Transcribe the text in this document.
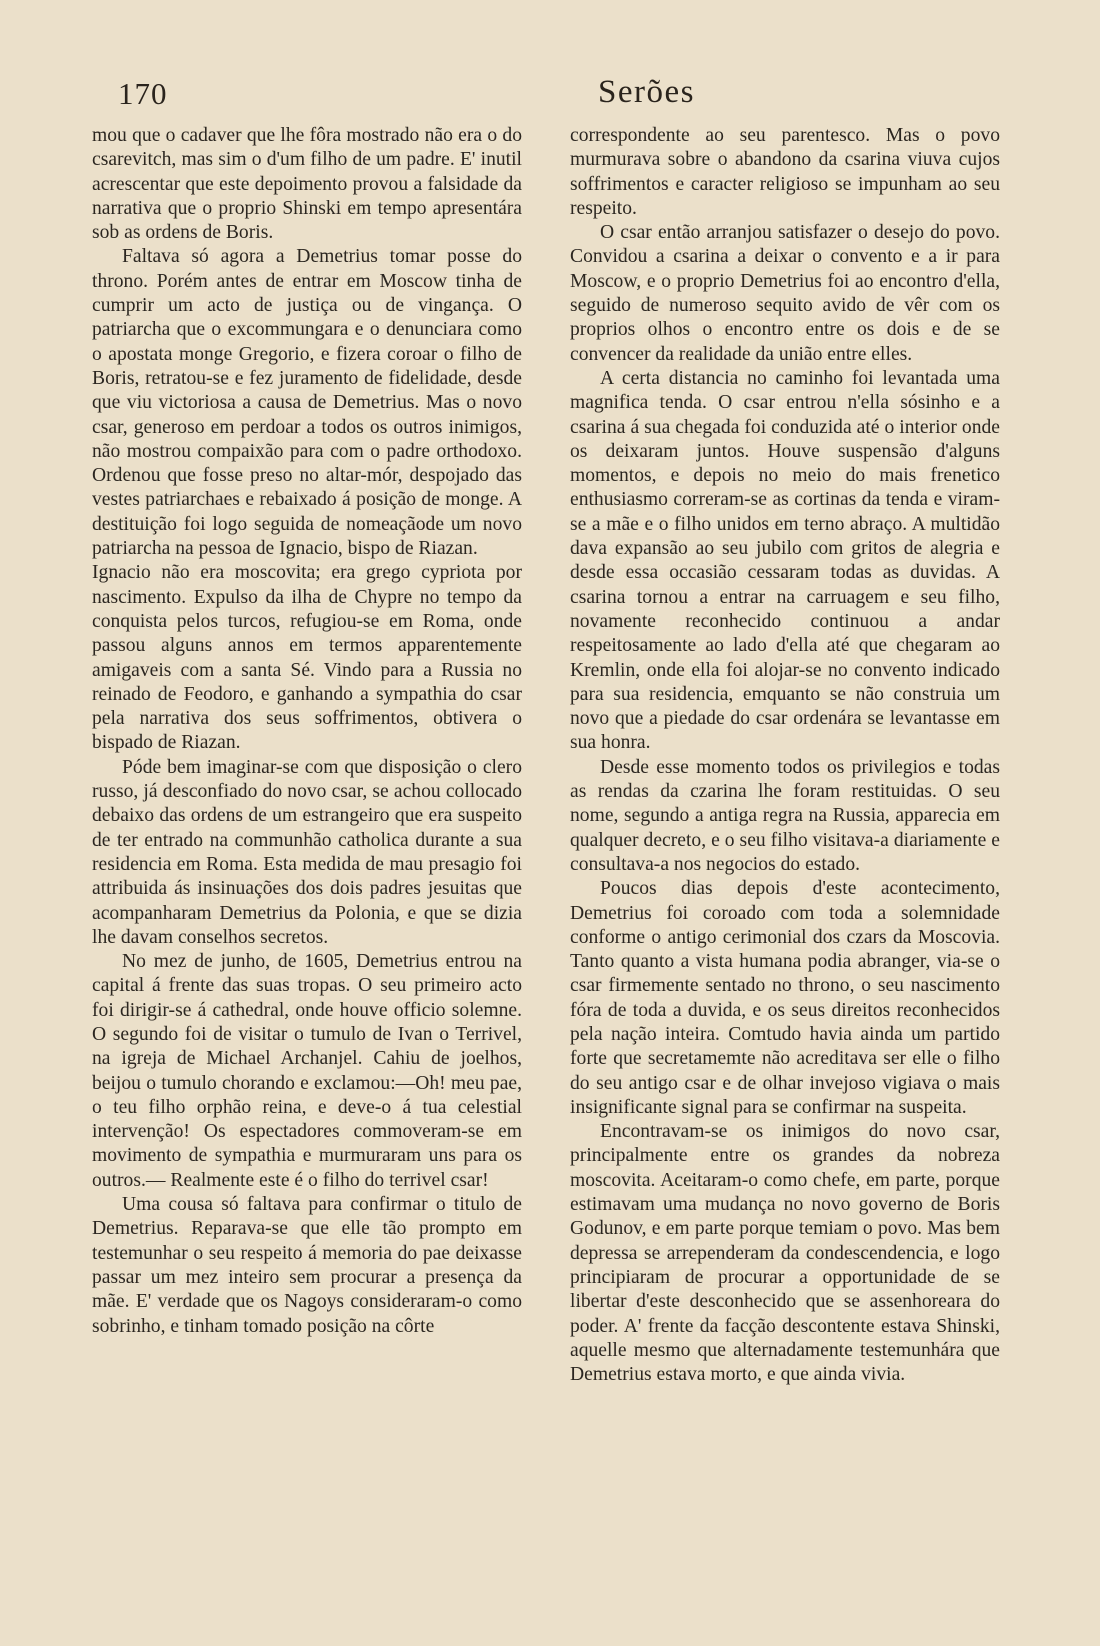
170	Serões

mou que o cadaver que lhe fôra mostrado não era o do csarevitch, mas sim o d'um filho de um padre. E' inutil acrescentar que este depoimento provou a falsidade da narrativa que o proprio Shinski em tempo apresentára sob as ordens de Boris.

Faltava só agora a Demetrius tomar posse do throno. Porém antes de entrar em Moscow tinha de cumprir um acto de justiça ou de vingança. O patriarcha que o excommungara e o denunciara como o apostata monge Gregorio, e fizera coroar o filho de Boris, retratou-se e fez juramento de fidelidade, desde que viu victoriosa a causa de Demetrius. Mas o novo csar, generoso em perdoar a todos os outros inimigos, não mostrou compaixão para com o padre orthodoxo. Ordenou que fosse preso no altar-mór, despojado das vestes patriarchaes e rebaixado á posição de monge. A destituição foi logo seguida de nomeaçãode um novo patriarcha na pessoa de Ignacio, bispo de Riazan.

Ignacio não era moscovita; era grego cypriota por nascimento. Expulso da ilha de Chypre no tempo da conquista pelos turcos, refugiou-se em Roma, onde passou alguns annos em termos apparentemente amigaveis com a santa Sé. Vindo para a Russia no reinado de Feodoro, e ganhando a sympathia do csar pela narrativa dos seus soffrimentos, obtivera o bispado de Riazan.

Póde bem imaginar-se com que disposição o clero russo, já desconfiado do novo csar, se achou collocado debaixo das ordens de um estrangeiro que era suspeito de ter entrado na communhão catholica durante a sua residencia em Roma. Esta medida de mau presagio foi attribuida ás insinuações dos dois padres jesuitas que acompanharam Demetrius da Polonia, e que se dizia lhe davam conselhos secretos.

No mez de junho, de 1605, Demetrius entrou na capital á frente das suas tropas. O seu primeiro acto foi dirigir-se á cathedral, onde houve officio solemne. O segundo foi de visitar o tumulo de Ivan o Terrivel, na igreja de Michael Archanjel. Cahiu de joelhos, beijou o tumulo chorando e exclamou:—Oh! meu pae, o teu filho orphão reina, e deve-o á tua celestial intervenção! Os espectadores commoveram-se em movimento de sympathia e murmuraram uns para os outros.— Realmente este é o filho do terrivel csar!

Uma cousa só faltava para confirmar o titulo de Demetrius. Reparava-se que elle tão prompto em testemunhar o seu respeito á memoria do pae deixasse passar um mez inteiro sem procurar a presença da mãe. E' verdade que os Nagoys consideraram-o como sobrinho, e tinham tomado posição na côrte

correspondente ao seu parentesco. Mas o povo murmurava sobre o abandono da csarina viuva cujos soffrimentos e caracter religioso se impunham ao seu respeito.

O csar então arranjou satisfazer o desejo do povo. Convidou a csarina a deixar o convento e a ir para Moscow, e o proprio Demetrius foi ao encontro d'ella, seguido de numeroso sequito avido de vêr com os proprios olhos o encontro entre os dois e de se convencer da realidade da união entre elles.

A certa distancia no caminho foi levantada uma magnifica tenda. O csar entrou n'ella sósinho e a csarina á sua chegada foi conduzida até o interior onde os deixaram juntos. Houve suspensão d'alguns momentos, e depois no meio do mais frenetico enthusiasmo correram-se as cortinas da tenda e viram-se a mãe e o filho unidos em terno abraço. A multidão dava expansão ao seu jubilo com gritos de alegria e desde essa occasião cessaram todas as duvidas. A csarina tornou a entrar na carruagem e seu filho, novamente reconhecido continuou a andar respeitosamente ao lado d'ella até que chegaram ao Kremlin, onde ella foi alojar-se no convento indicado para sua residencia, emquanto se não construia um novo que a piedade do csar ordenára se levantasse em sua honra.

Desde esse momento todos os privilegios e todas as rendas da czarina lhe foram restituidas. O seu nome, segundo a antiga regra na Russia, apparecia em qualquer decreto, e o seu filho visitava-a diariamente e consultava-a nos negocios do estado.

Poucos dias depois d'este acontecimento, Demetrius foi coroado com toda a solemnidade conforme o antigo cerimonial dos czars da Moscovia. Tanto quanto a vista humana podia abranger, via-se o csar firmemente sentado no throno, o seu nascimento fóra de toda a duvida, e os seus direitos reconhecidos pela nação inteira. Comtudo havia ainda um partido forte que secretamemte não acreditava ser elle o filho do seu antigo csar e de olhar invejoso vigiava o mais insignificante signal para se confirmar na suspeita.

Encontravam-se os inimigos do novo csar, principalmente entre os grandes da nobreza moscovita. Aceitaram-o como chefe, em parte, porque estimavam uma mudança no novo governo de Boris Godunov, e em parte porque temiam o povo. Mas bem depressa se arrependeram da condescendencia, e logo principiaram de procurar a opportunidade de se libertar d'este desconhecido que se assenhoreara do poder. A' frente da facção descontente estava Shinski, aquelle mesmo que alternadamente testemunhára que Demetrius estava morto, e que ainda vivia.
